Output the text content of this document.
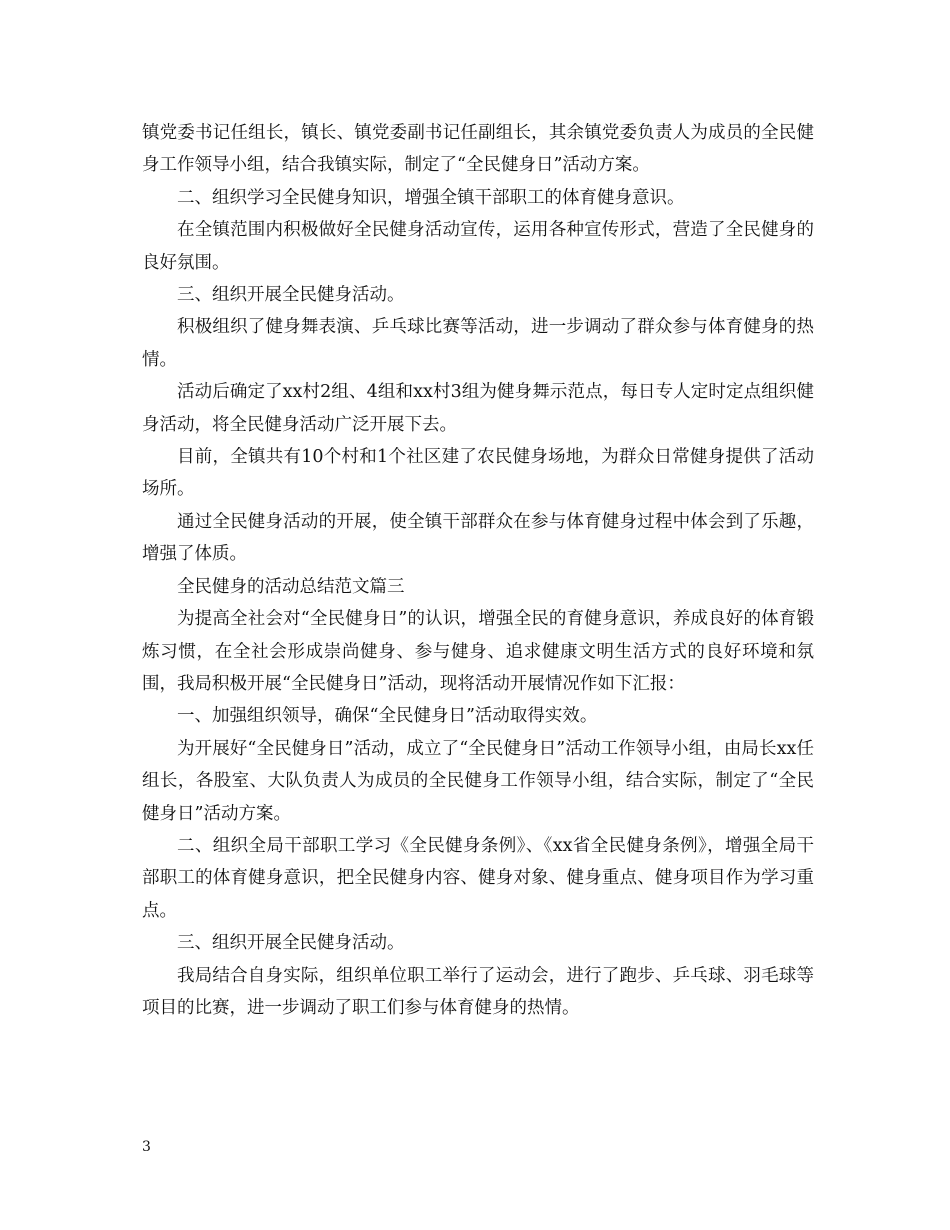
镇党委书记任组长，镇长、镇党委副书记任副组长，其余镇党委负责人为成员的全民健身工作领导小组，结合我镇实际，制定了“全民健身日”活动方案。

二、组织学习全民健身知识，增强全镇干部职工的体育健身意识。

在全镇范围内积极做好全民健身活动宣传，运用各种宣传形式，营造了全民健身的良好氛围。

三、组织开展全民健身活动。

积极组织了健身舞表演、乒乓球比赛等活动，进一步调动了群众参与体育健身的热情。

活动后确定了xx村2组、4组和xx村3组为健身舞示范点，每日专人定时定点组织健身活动，将全民健身活动广泛开展下去。

目前，全镇共有10个村和1个社区建了农民健身场地，为群众日常健身提供了活动场所。

通过全民健身活动的开展，使全镇干部群众在参与体育健身过程中体会到了乐趣，增强了体质。

全民健身的活动总结范文篇三

为提高全社会对“全民健身日”的认识，增强全民的育健身意识，养成良好的体育锻炼习惯，在全社会形成崇尚健身、参与健身、追求健康文明生活方式的良好环境和氛围，我局积极开展“全民健身日”活动，现将活动开展情况作如下汇报：

一、加强组织领导，确保“全民健身日”活动取得实效。

为开展好“全民健身日”活动，成立了“全民健身日”活动工作领导小组，由局长xx任组长，各股室、大队负责人为成员的全民健身工作领导小组，结合实际，制定了“全民健身日”活动方案。

二、组织全局干部职工学习《全民健身条例》、《xx省全民健身条例》，增强全局干部职工的体育健身意识，把全民健身内容、健身对象、健身重点、健身项目作为学习重点。

三、组织开展全民健身活动。

我局结合自身实际，组织单位职工举行了运动会，进行了跑步、乒乓球、羽毛球等项目的比赛，进一步调动了职工们参与体育健身的热情。

3
